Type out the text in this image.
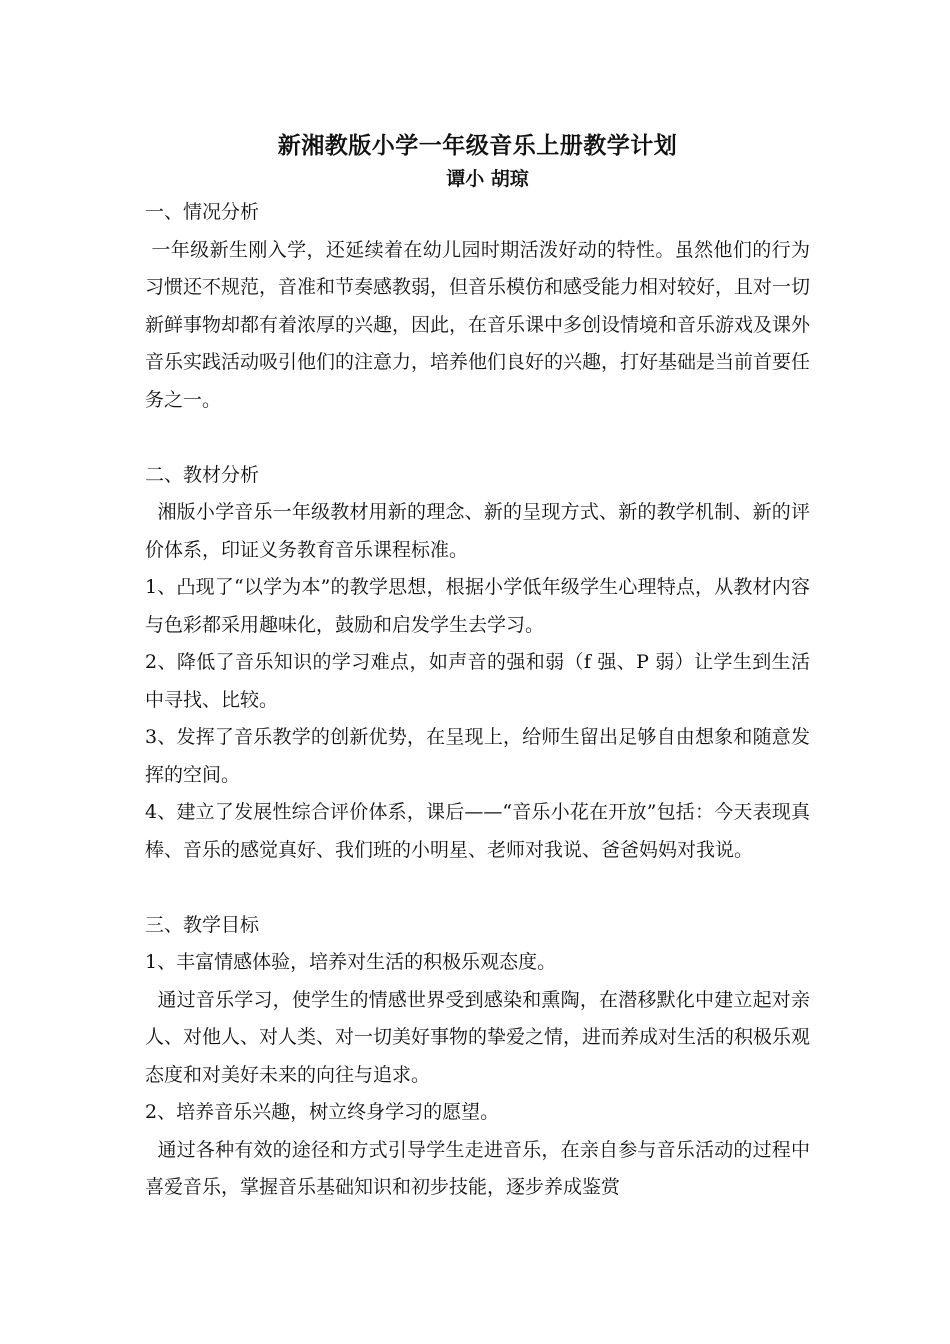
新湘教版小学一年级音乐上册教学计划
谭小 胡琼

一、情况分析

一年级新生刚入学，还延续着在幼儿园时期活泼好动的特性。虽然他们的行为习惯还不规范，音准和节奏感教弱，但音乐模仿和感受能力相对较好，且对一切新鲜事物却都有着浓厚的兴趣，因此，在音乐课中多创设情境和音乐游戏及课外音乐实践活动吸引他们的注意力，培养他们良好的兴趣，打好基础是当前首要任务之一。

二、教材分析

湘版小学音乐一年级教材用新的理念、新的呈现方式、新的教学机制、新的评价体系，印证义务教育音乐课程标准。

1、凸现了“以学为本”的教学思想，根据小学低年级学生心理特点，从教材内容与色彩都采用趣味化，鼓励和启发学生去学习。

2、降低了音乐知识的学习难点，如声音的强和弱（f 强、P 弱）让学生到生活中寻找、比较。

3、发挥了音乐教学的创新优势，在呈现上，给师生留出足够自由想象和随意发挥的空间。

4、建立了发展性综合评价体系，课后——“音乐小花在开放”包括：今天表现真棒、音乐的感觉真好、我们班的小明星、老师对我说、爸爸妈妈对我说。

三、教学目标

1、丰富情感体验，培养对生活的积极乐观态度。

通过音乐学习，使学生的情感世界受到感染和熏陶，在潜移默化中建立起对亲人、对他人、对人类、对一切美好事物的挚爱之情，进而养成对生活的积极乐观态度和对美好未来的向往与追求。

2、培养音乐兴趣，树立终身学习的愿望。

通过各种有效的途径和方式引导学生走进音乐，在亲自参与音乐活动的过程中喜爱音乐，掌握音乐基础知识和初步技能，逐步养成鉴赏
